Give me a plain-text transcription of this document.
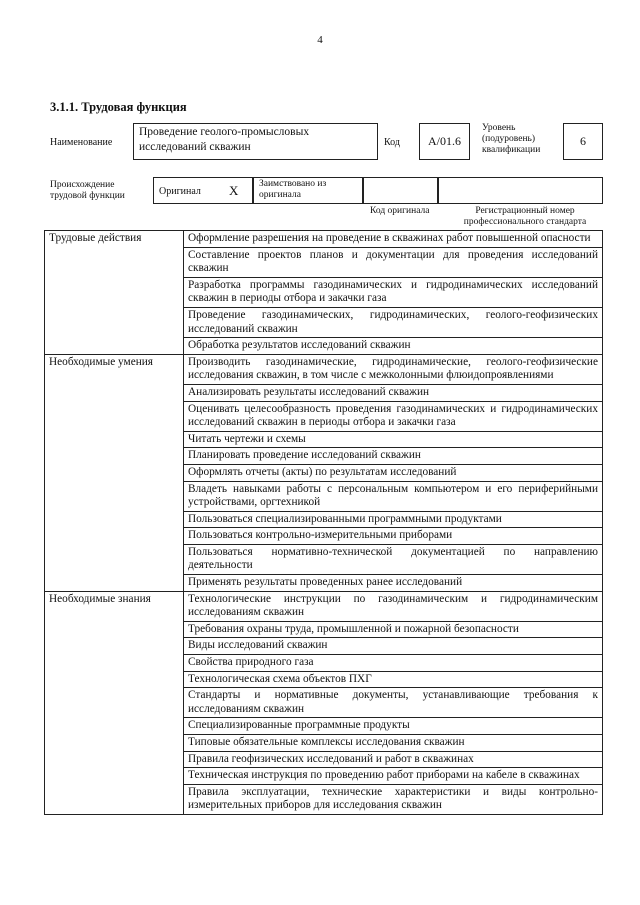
4
3.1.1. Трудовая функция
Наименование
Проведение геолого-промысловых исследований скважин	Код	A/01.6
Уровень (подуровень) квалификации
6
Происхождение трудовой функции	Оригинал X	Заимствовано из оригинала
Код оригинала	Регистрационный номер профессионального стандарта
Трудовые действия	Оформление разрешения на проведение в скважинах работ повышенной опасности
	Составление проектов планов и документации для проведения исследований скважин
	Разработка программы газодинамических и гидродинамических исследований скважин в периоды отбора и закачки газа
	Проведение газодинамических, гидродинамических, геолого-геофизических исследований скважин
	Обработка результатов исследований скважин
Необходимые умения	Производить газодинамические, гидродинамические, геолого-геофизические исследования скважин, в том числе с межколонными флюидопроявлениями
	Анализировать результаты исследований скважин
	Оценивать целесообразность проведения газодинамических и гидродинамических исследований скважин в периоды отбора и закачки газа
	Читать чертежи и схемы
	Планировать проведение исследований скважин
	Оформлять отчеты (акты) по результатам исследований
	Владеть навыками работы с персональным компьютером и его периферийными устройствами, оргтехникой
	Пользоваться специализированными программными продуктами
	Пользоваться контрольно-измерительными приборами
	Пользоваться нормативно-технической документацией по направлению деятельности
	Применять результаты проведенных ранее исследований
Необходимые знания	Технологические инструкции по газодинамическим и гидродинамическим исследованиям скважин
	Требования охраны труда, промышленной и пожарной безопасности
	Виды исследований скважин
	Свойства природного газа
	Технологическая схема объектов ПХГ
	Стандарты и нормативные документы, устанавливающие требования к исследованиям скважин
	Специализированные программные продукты
	Типовые обязательные комплексы исследования скважин
	Правила геофизических исследований и работ в скважинах
	Техническая инструкция по проведению работ приборами на кабеле в скважинах
	Правила эксплуатации, технические характеристики и виды контрольно-измерительных приборов для исследования скважин
